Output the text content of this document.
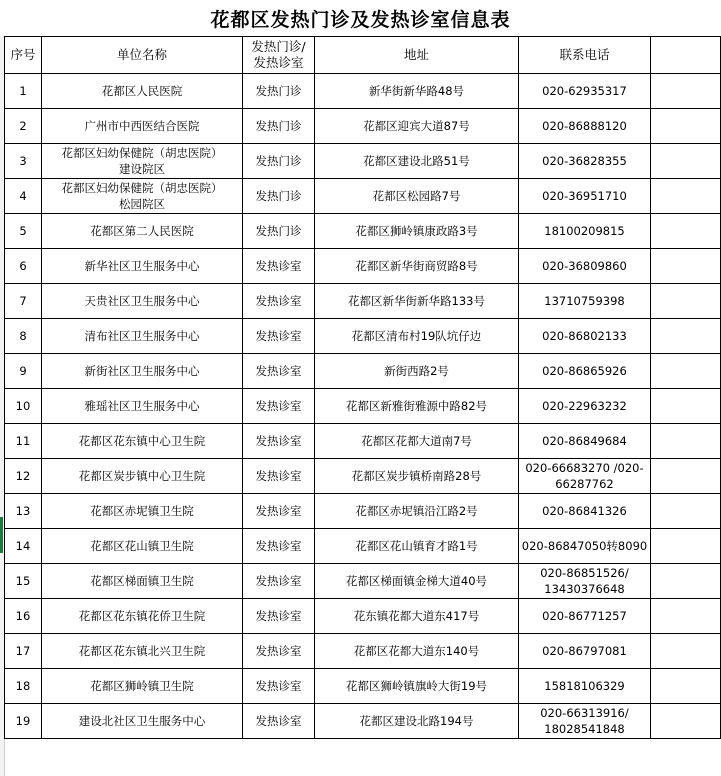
花都区发热门诊及发热诊室信息表
序号	单位名称	发热门诊/
发热诊室	地址	联系电话	
1	花都区人民医院	发热门诊	新华街新华路48号	020-62935317	
2	广州市中西医结合医院	发热门诊	花都区迎宾大道87号	020-86888120	
3	花都区妇幼保健院（胡忠医院）
建设院区	发热门诊	花都区建设北路51号	020-36828355	
4	花都区妇幼保健院（胡忠医院）
松园院区	发热门诊	花都区松园路7号	020-36951710	
5	花都区第二人民医院	发热门诊	花都区狮岭镇康政路3号	18100209815	
6	新华社区卫生服务中心	发热诊室	花都区新华街商贸路8号	020-36809860	
7	天贵社区卫生服务中心	发热诊室	花都区新华街新华路133号	13710759398	
8	清布社区卫生服务中心	发热诊室	花都区清布村19队坑仔边	020-86802133	
9	新街社区卫生服务中心	发热诊室	新街西路2号	020-86865926	
10	雅瑶社区卫生服务中心	发热诊室	花都区新雅街雅源中路82号	020-22963232	
11	花都区花东镇中心卫生院	发热诊室	花都区花都大道南7号	020-86849684	
12	花都区炭步镇中心卫生院	发热诊室	花都区炭步镇桥南路28号	020-66683270 /020-
66287762	
13	花都区赤坭镇卫生院	发热诊室	花都区赤坭镇沿江路2号	020-86841326	
14	花都区花山镇卫生院	发热诊室	花都区花山镇育才路1号	020-86847050转8090	
15	花都区梯面镇卫生院	发热诊室	花都区梯面镇金梯大道40号	020-86851526/
13430376648	
16	花都区花东镇花侨卫生院	发热诊室	花东镇花都大道东417号	020-86771257	
17	花都区花东镇北兴卫生院	发热诊室	花都区花都大道东140号	020-86797081	
18	花都区狮岭镇卫生院	发热诊室	花都区狮岭镇旗岭大街19号	15818106329	
19	建设北社区卫生服务中心	发热诊室	花都区建设北路194号	020-66313916/
18028541848	
